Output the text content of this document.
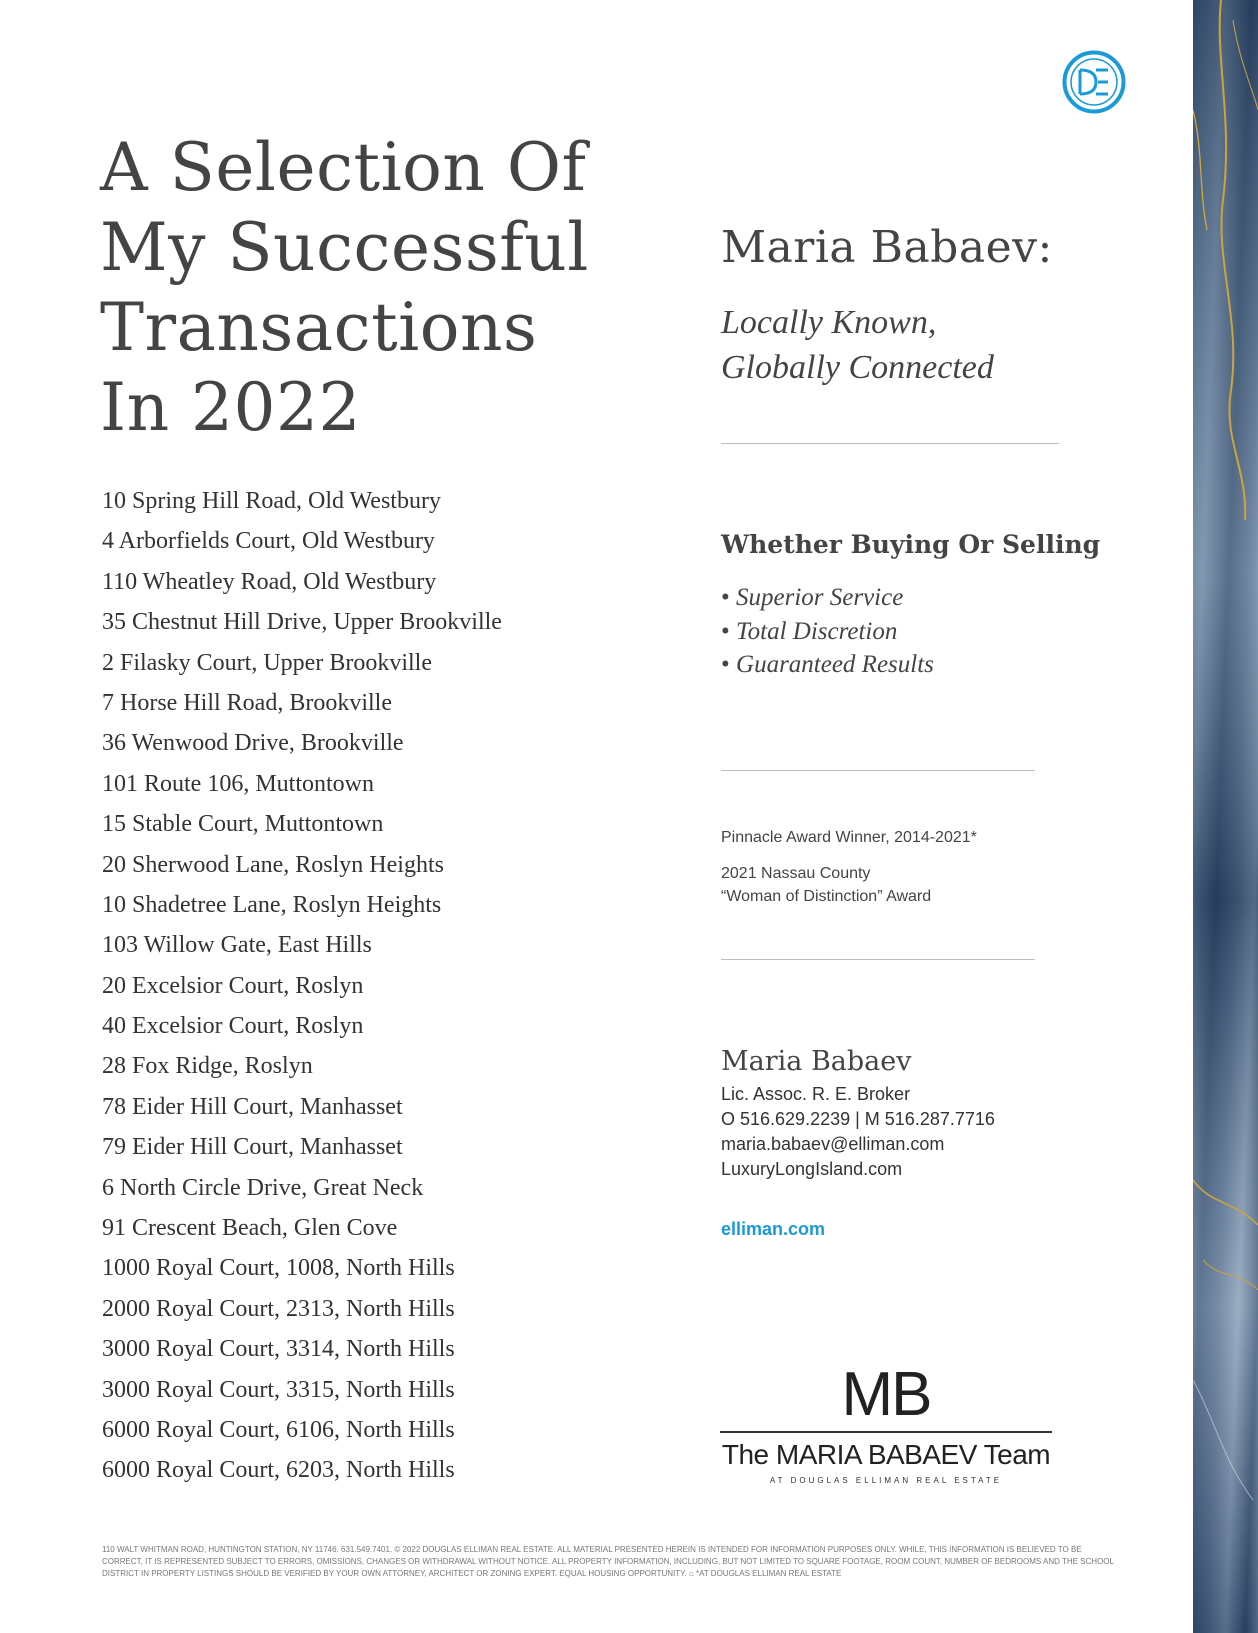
A Selection Of
My Successful
Transactions
In 2022
10 Spring Hill Road, Old Westbury
4 Arborfields Court, Old Westbury
110 Wheatley Road, Old Westbury
35 Chestnut Hill Drive, Upper Brookville
2 Filasky Court, Upper Brookville
7 Horse Hill Road, Brookville
36 Wenwood Drive, Brookville
101 Route 106, Muttontown
15 Stable Court, Muttontown
20 Sherwood Lane, Roslyn Heights
10 Shadetree Lane, Roslyn Heights
103 Willow Gate, East Hills
20 Excelsior Court, Roslyn
40 Excelsior Court, Roslyn
28 Fox Ridge, Roslyn
78 Eider Hill Court, Manhasset
79 Eider Hill Court, Manhasset
6 North Circle Drive, Great Neck
91 Crescent Beach, Glen Cove
1000 Royal Court, 1008, North Hills
2000 Royal Court, 2313, North Hills
3000 Royal Court, 3314, North Hills
3000 Royal Court, 3315, North Hills
6000 Royal Court, 6106, North Hills
6000 Royal Court, 6203, North Hills
Maria Babaev:
Locally Known,
Globally Connected
Whether Buying Or Selling
• Superior Service
• Total Discretion
• Guaranteed Results
Pinnacle Award Winner, 2014-2021*
2021 Nassau County
“Woman of Distinction” Award
Maria Babaev
Lic. Assoc. R. E. Broker
O 516.629.2239 | M 516.287.7716
maria.babaev@elliman.com
LuxuryLongIsland.com
elliman.com
MB
The MARIA BABAEV Team
AT DOUGLAS ELLIMAN REAL ESTATE
110 WALT WHITMAN ROAD, HUNTINGTON STATION, NY 11746. 631.549.7401. © 2022 DOUGLAS ELLIMAN REAL ESTATE. ALL MATERIAL PRESENTED HEREIN IS INTENDED FOR INFORMATION PURPOSES ONLY. WHILE, THIS INFORMATION IS BELIEVED TO BE CORRECT, IT IS REPRESENTED SUBJECT TO ERRORS, OMISSIONS, CHANGES OR WITHDRAWAL WITHOUT NOTICE. ALL PROPERTY INFORMATION, INCLUDING, BUT NOT LIMITED TO SQUARE FOOTAGE, ROOM COUNT, NUMBER OF BEDROOMS AND THE SCHOOL DISTRICT IN PROPERTY LISTINGS SHOULD BE VERIFIED BY YOUR OWN ATTORNEY, ARCHITECT OR ZONING EXPERT. EQUAL HOUSING OPPORTUNITY. ⌂ *AT DOUGLAS ELLIMAN REAL ESTATE
